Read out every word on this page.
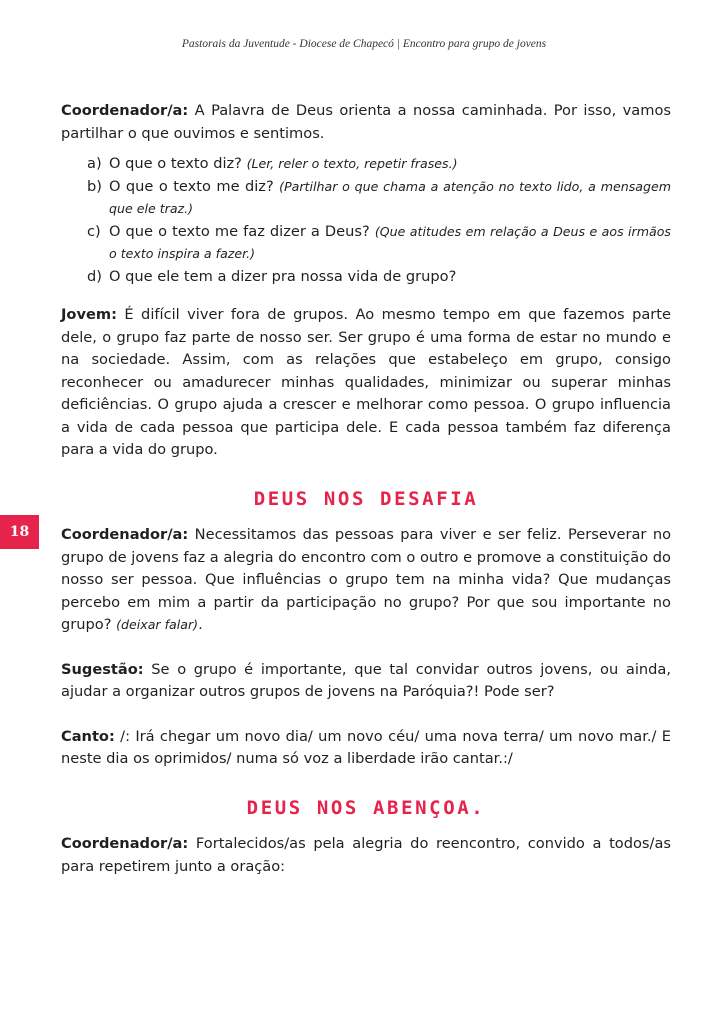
Pastorais da Juventude - Diocese de Chapecó | Encontro para grupo de jovens
18

Coordenador/a: A Palavra de Deus orienta a nossa caminhada. Por isso, vamos partilhar o que ouvimos e sentimos.

a) O que o texto diz? (Ler, reler o texto, repetir frases.)
b) O que o texto me diz? (Partilhar o que chama a atenção no texto lido, a mensagem que ele traz.)
c) O que o texto me faz dizer a Deus? (Que atitudes em relação a Deus e aos irmãos o texto inspira a fazer.)
d) O que ele tem a dizer pra nossa vida de grupo?

Jovem: É difícil viver fora de grupos. Ao mesmo tempo em que fazemos parte dele, o grupo faz parte de nosso ser. Ser grupo é uma forma de estar no mundo e na sociedade. Assim, com as relações que estabeleço em grupo, consigo reconhecer ou amadurecer minhas qualidades, minimizar ou superar minhas deficiências. O grupo ajuda a crescer e melhorar como pessoa. O grupo influencia a vida de cada pessoa que participa dele. E cada pessoa também faz diferença para a vida do grupo.

DEUS NOS DESAFIA

Coordenador/a: Necessitamos das pessoas para viver e ser feliz. Perseverar no grupo de jovens faz a alegria do encontro com o outro e promove a constituição do nosso ser pessoa. Que influências o grupo tem na minha vida? Que mudanças percebo em mim a partir da participação no grupo? Por que sou importante no grupo? (deixar falar).

Sugestão: Se o grupo é importante, que tal convidar outros jovens, ou ainda, ajudar a organizar outros grupos de jovens na Paróquia?! Pode ser?

Canto: /: Irá chegar um novo dia/ um novo céu/ uma nova terra/ um novo mar./ E neste dia os oprimidos/ numa só voz a liberdade irão cantar.:/

DEUS NOS ABENÇOA.

Coordenador/a: Fortalecidos/as pela alegria do reencontro, convido a todos/as para repetirem junto a oração:
